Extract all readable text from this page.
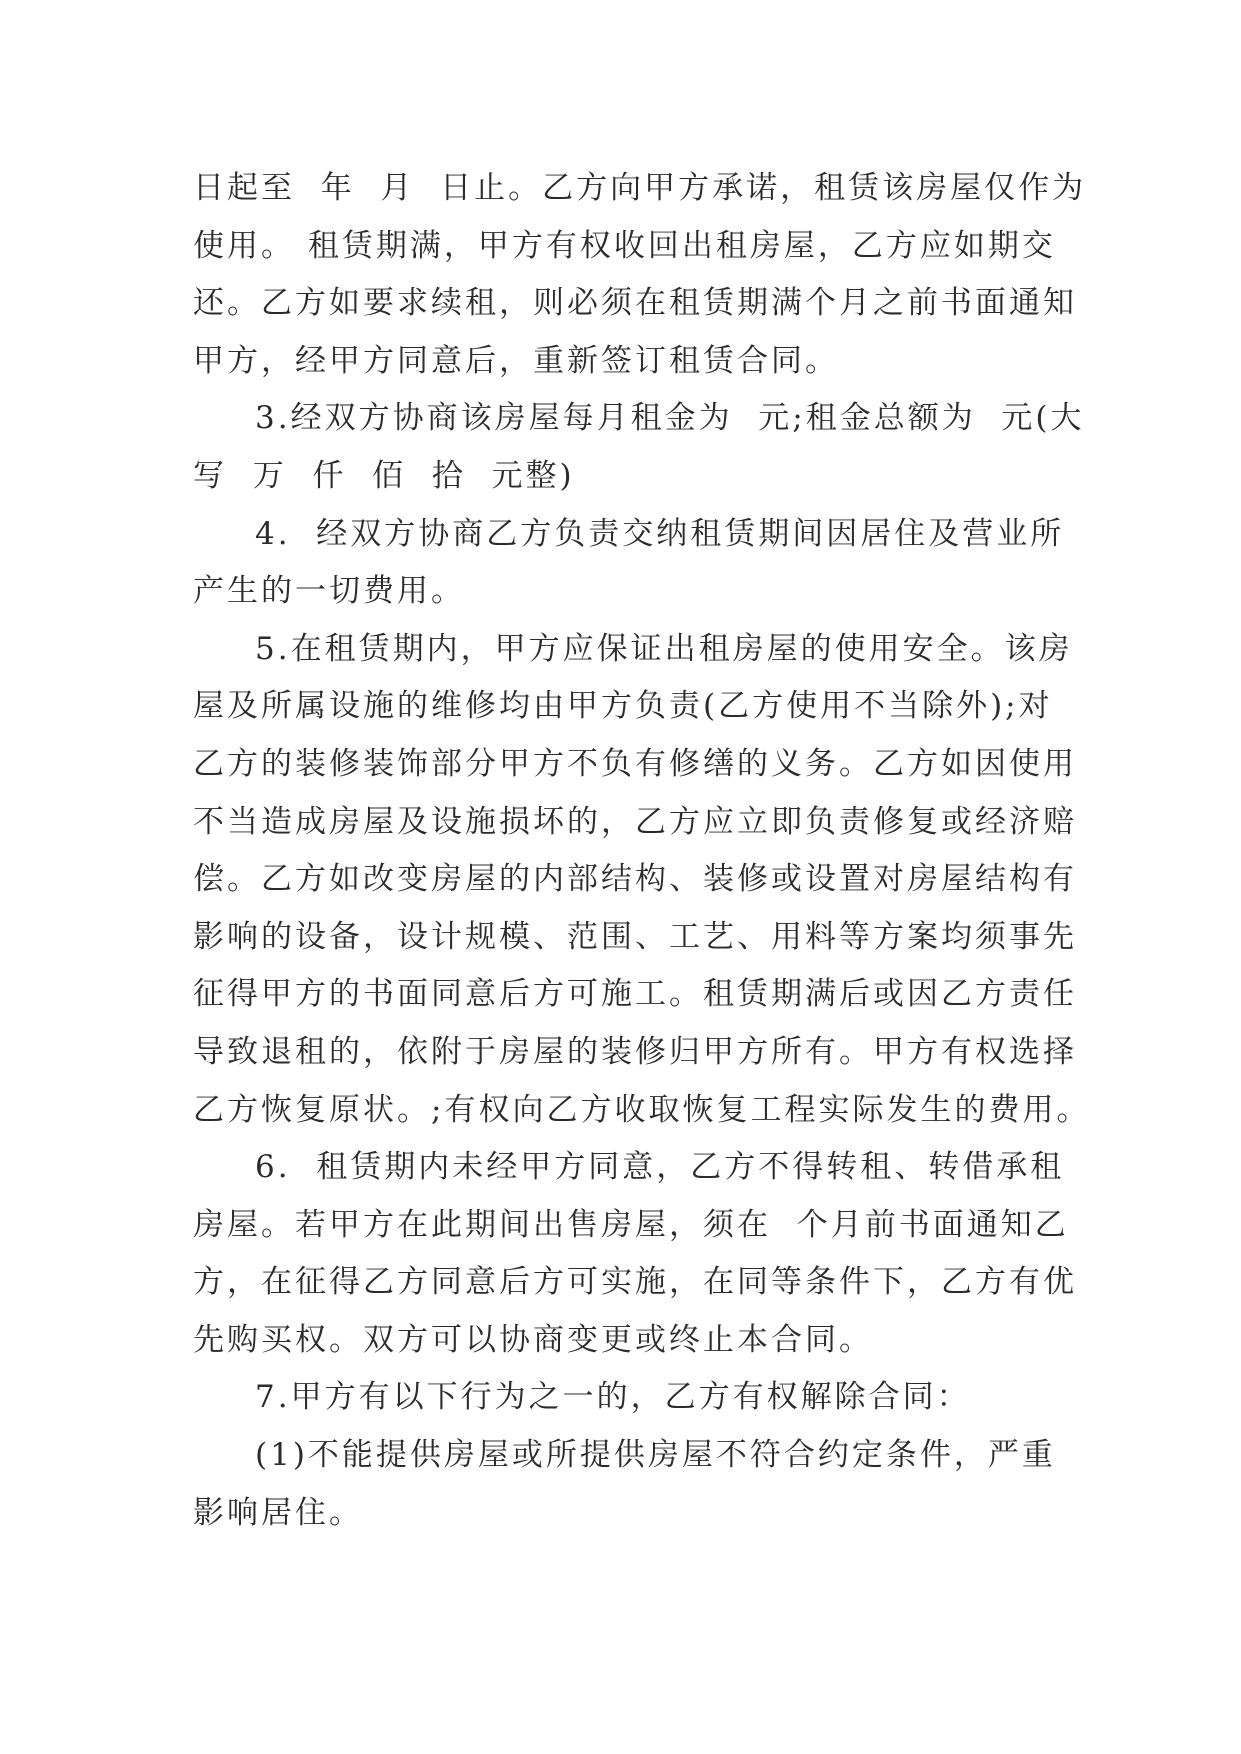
日起至  年  月  日止。乙方向甲方承诺，租赁该房屋仅作为
使用。 租赁期满，甲方有权收回出租房屋，乙方应如期交
还。乙方如要求续租，则必须在租赁期满个月之前书面通知
甲方，经甲方同意后，重新签订租赁合同。
3.经双方协商该房屋每月租金为  元;租金总额为  元(大
写  万  仟  佰  拾  元整)
4.  经双方协商乙方负责交纳租赁期间因居住及营业所
产生的一切费用。
5.在租赁期内，甲方应保证出租房屋的使用安全。该房
屋及所属设施的维修均由甲方负责(乙方使用不当除外);对
乙方的装修装饰部分甲方不负有修缮的义务。乙方如因使用
不当造成房屋及设施损坏的，乙方应立即负责修复或经济赔
偿。乙方如改变房屋的内部结构、装修或设置对房屋结构有
影响的设备，设计规模、范围、工艺、用料等方案均须事先
征得甲方的书面同意后方可施工。租赁期满后或因乙方责任
导致退租的，依附于房屋的装修归甲方所有。甲方有权选择
乙方恢复原状。;有权向乙方收取恢复工程实际发生的费用。
6.  租赁期内未经甲方同意，乙方不得转租、转借承租
房屋。若甲方在此期间出售房屋，须在  个月前书面通知乙
方，在征得乙方同意后方可实施，在同等条件下，乙方有优
先购买权。双方可以协商变更或终止本合同。
7.甲方有以下行为之一的，乙方有权解除合同：
(1)不能提供房屋或所提供房屋不符合约定条件，严重
影响居住。
